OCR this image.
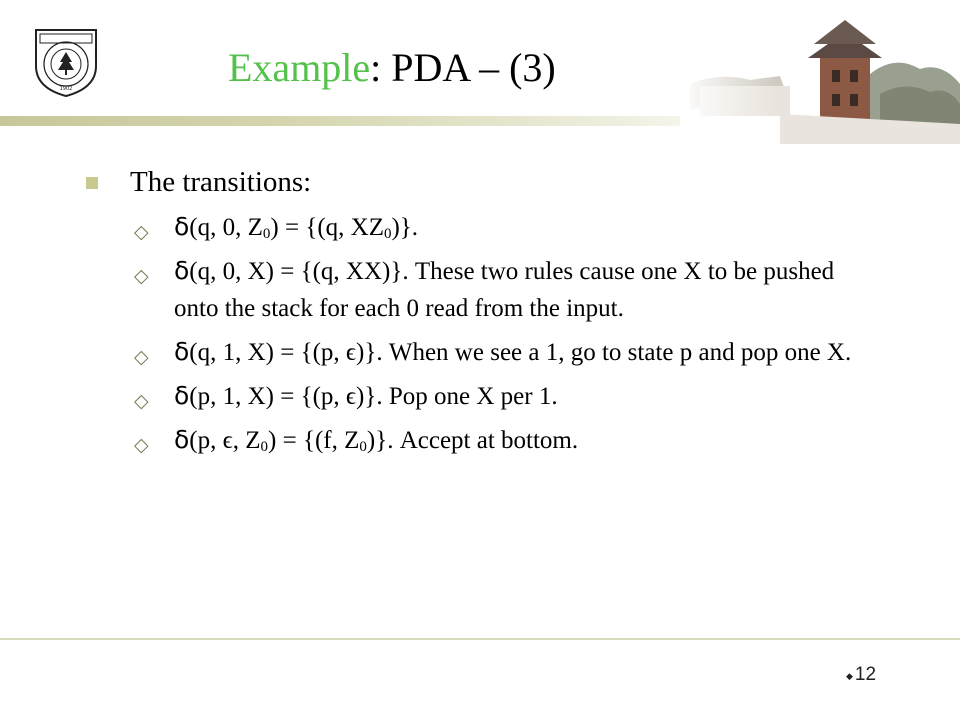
1902	Example: PDA – (3)
The transitions:
◇ δ(q, 0, $Z_0) = \{(q$, $XZ_0$)}.
◇ δ(q, 0, X) = {(q, XX)}. These two rules cause one X to be pushed onto the stack for each 0 read from the input.
◇ δ(q, 1, X) = {(p, ϵ)}. When we see a 1, go to state p and pop one X.
◇ δ(p, 1, X) = {(p, ϵ)}. Pop one X per 1.
◇ δ(p, ϵ, $Z_0) = \{(f$, $Z_0$)}. Accept at bottom.
◆ 12
